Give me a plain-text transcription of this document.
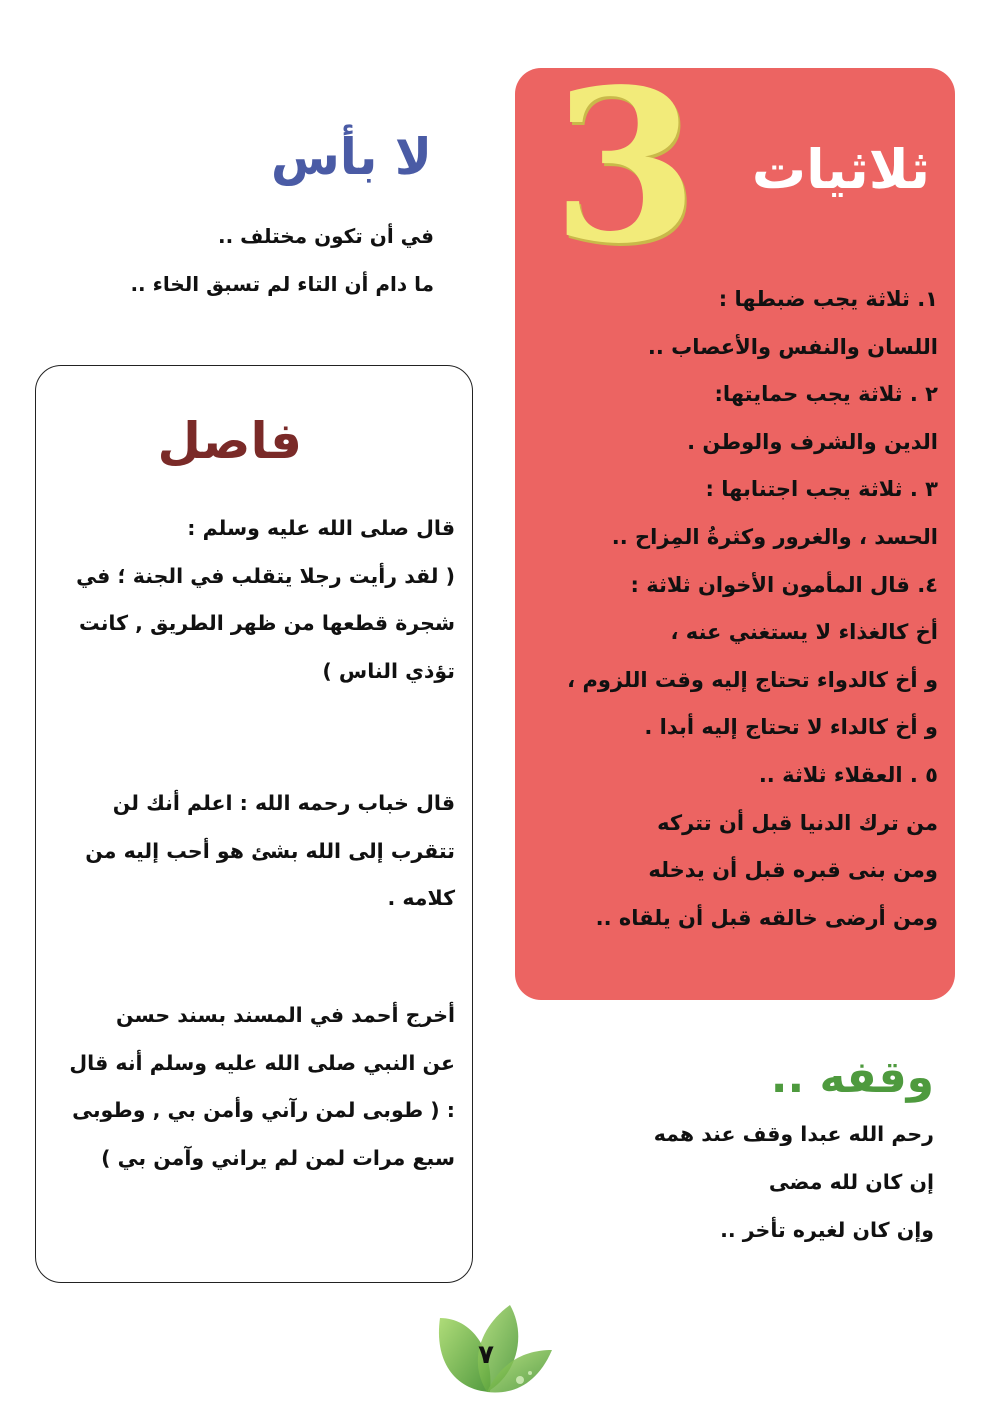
3 ثلاثيات
١. ثلاثة يجب ضبطها :
اللسان والنفس والأعصاب ..
٢ . ثلاثة يجب حمايتها:
الدين والشرف والوطن .
٣ . ثلاثة يجب اجتنابها :
الحسد ، والغرور وكثرةُ المِزاح ..
٤. قال المأمون الأخوان ثلاثة :
أخ كالغذاء لا يستغني عنه ،
و أخ كالدواء تحتاج إليه وقت اللزوم ،
و أخ كالداء لا تحتاج إليه أبدا .
٥ . العقلاء ثلاثة ..
من ترك الدنيا قبل أن تتركه
ومن بنى قبره قبل أن يدخله
ومن أرضى خالقه قبل أن يلقاه ..
لا بأس
في أن تكون مختلف ..
ما دام أن التاء لم تسبق الخاء ..
فاصل
قال صلى الله عليه وسلم :
( لقد رأيت رجلا يتقلب في الجنة ؛ في
شجرة قطعها من ظهر الطريق , كانت
تؤذي الناس )
قال خباب رحمه الله : اعلم أنك لن
تتقرب إلى الله بشئ هو أحب إليه من
كلامه .
أخرج أحمد في المسند بسند حسن
عن النبي صلى الله عليه وسلم أنه قال
: ( طوبى لمن رآني وأمن بي , وطوبى
سبع مرات لمن لم يراني وآمن بي )
وقفه ..
رحم الله عبدا وقف عند همه
إن كان لله مضى
وإن كان لغيره تأخر ..
٧
